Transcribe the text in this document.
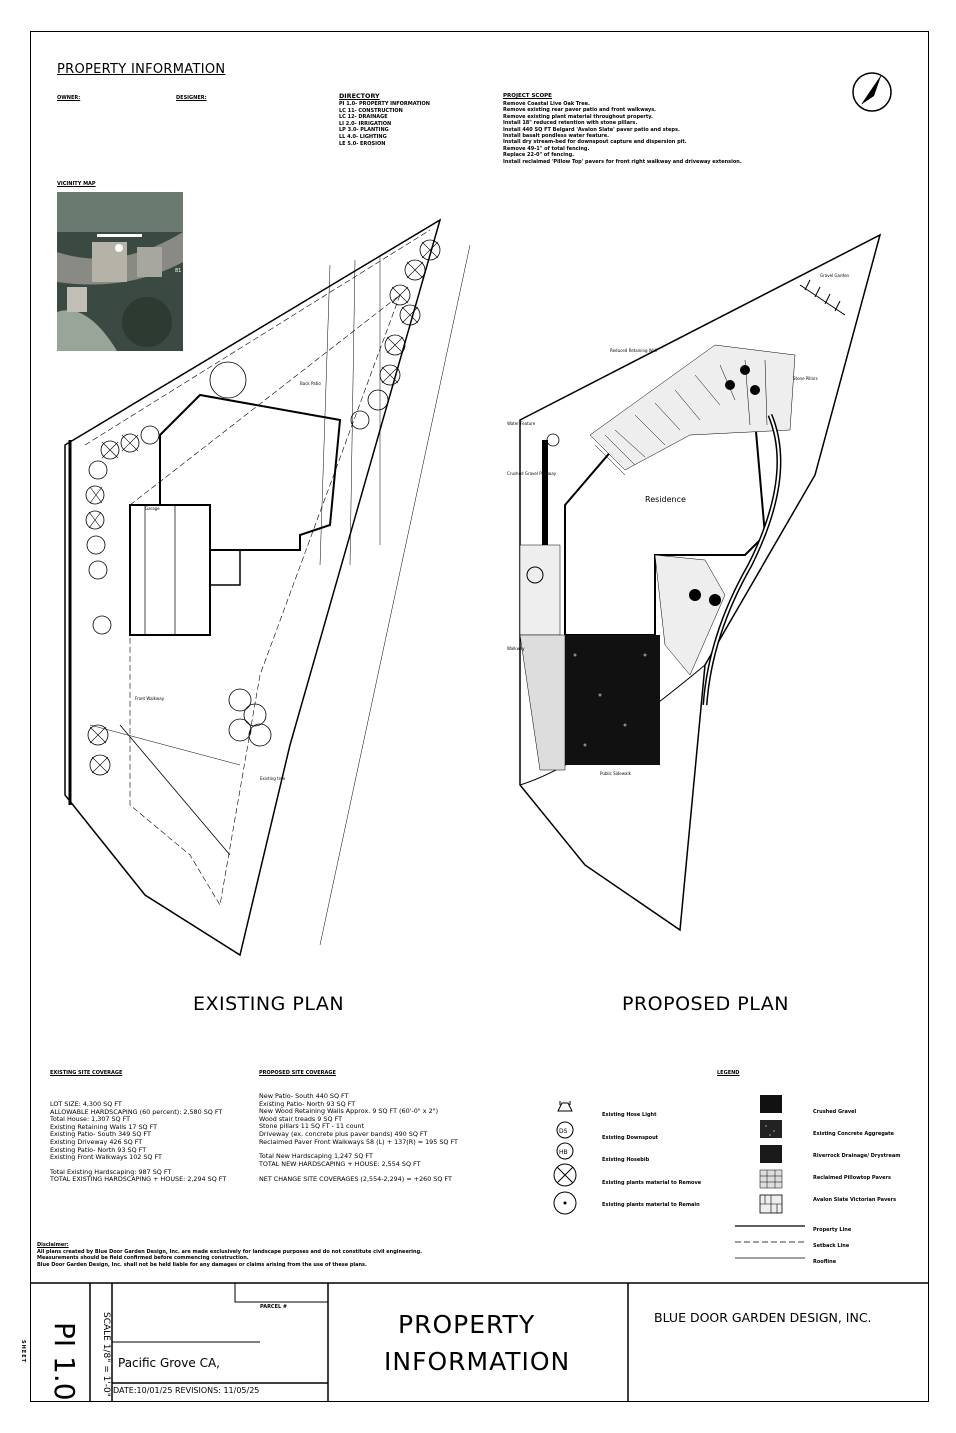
PROPERTY INFORMATION
OWNER:	DESIGNER:	DIRECTORY
PI 1.0- PROPERTY INFORMATION
LC 11- CONSTRUCTION
LC 12- DRAINAGE
LI 2.0- IRRIGATION
LP 3.0- PLANTING
LL 4.0- LIGHTING
LE 5.0- EROSION
PROJECT SCOPE
Remove Coastal Live Oak Tree.
Remove existing rear paver patio and front walkways.
Remove existing plant material throughout property.
Install 18" reduced retention with stone pillars.
Install 440 SQ FT Belgard 'Avalon Slate' paver patio and steps.
Install basalt pondless water feature.
Install dry stream-bed for downspout capture and dispersion pit.
Remove 49-1" of total fencing.
Replace 22-0" of fencing.
Install reclaimed 'Pillow Top' pavers for front right walkway and driveway extension.
VICINITY MAP
81
Back Patio
Garage
Front Walkway
Existing tree
EXISTING PLAN
Residence
Reduced Retaining Wall
Gravel Garden
Stone Pillars
Water Feature
Crushed Gravel Pathway
Walkway
Public Sidewalk
PROPOSED PLAN
EXISTING SITE COVERAGE
LOT SIZE: 4,300 SQ FT
ALLOWABLE HARDSCAPING (60 percent): 2,580 SQ FT
Total House: 1,307 SQ FT
Existing Retaining Walls 17 SQ FT
Existing Patio- South 349 SQ FT
Existing Driveway 426 SQ FT
Existing Patio- North 93 SQ FT
Existing Front Walkways 102 SQ FT
Total Existing Hardscaping: 987 SQ FT
TOTAL EXISTING HARDSCAPING + HOUSE: 2,294 SQ FT
PROPOSED SITE COVERAGE
New Patio- South 440 SQ FT
Existing Patio- North 93 SQ FT
New Wood Retaining Walls Approx. 9 SQ FT (60'-0" x 2")
Wood stair treads 9 SQ FT
Stone pillars 11 SQ FT - 11 count
Driveway (ex. concrete plus paver bands) 490 SQ FT
Reclaimed Paver Front Walkways 58 (L) + 137(R) = 195 SQ FT
Total New Hardscaping 1,247 SQ FT
TOTAL NEW HARDSCAPING + HOUSE: 2,554 SQ FT
NET CHANGE SITE COVERAGES (2,554-2,294) = +260 SQ FT
LEGEND
DS
HB
Existing Hose Light
Existing Downspout
Existing Hosebib
Existing plants material to Remove
Existing plants material to Remain
Crushed Gravel
Existing Concrete Aggregate
Riverrock Drainage/ Drystream
Reclaimed Pillowtop Pavers
Avalon Slate Victorian Pavers
Property Line
Setback Line
Roofline
Disclaimer:
All plans created by Blue Door Garden Design, Inc. are made exclusively for landscape purposes and do not constitute civil engineering.
Measurements should be field confirmed before commencing construction.
Blue Door Garden Design, Inc. shall not be held liable for any damages or claims arising from the use of these plans.
SHEET PI 1.0 SCALE 1/8" = 1'-0"
PARCEL #
Pacific Grove CA,
DATE:10/01/25 REVISIONS: 11/05/25
PROPERTY
INFORMATION
BLUE DOOR GARDEN DESIGN, INC.
